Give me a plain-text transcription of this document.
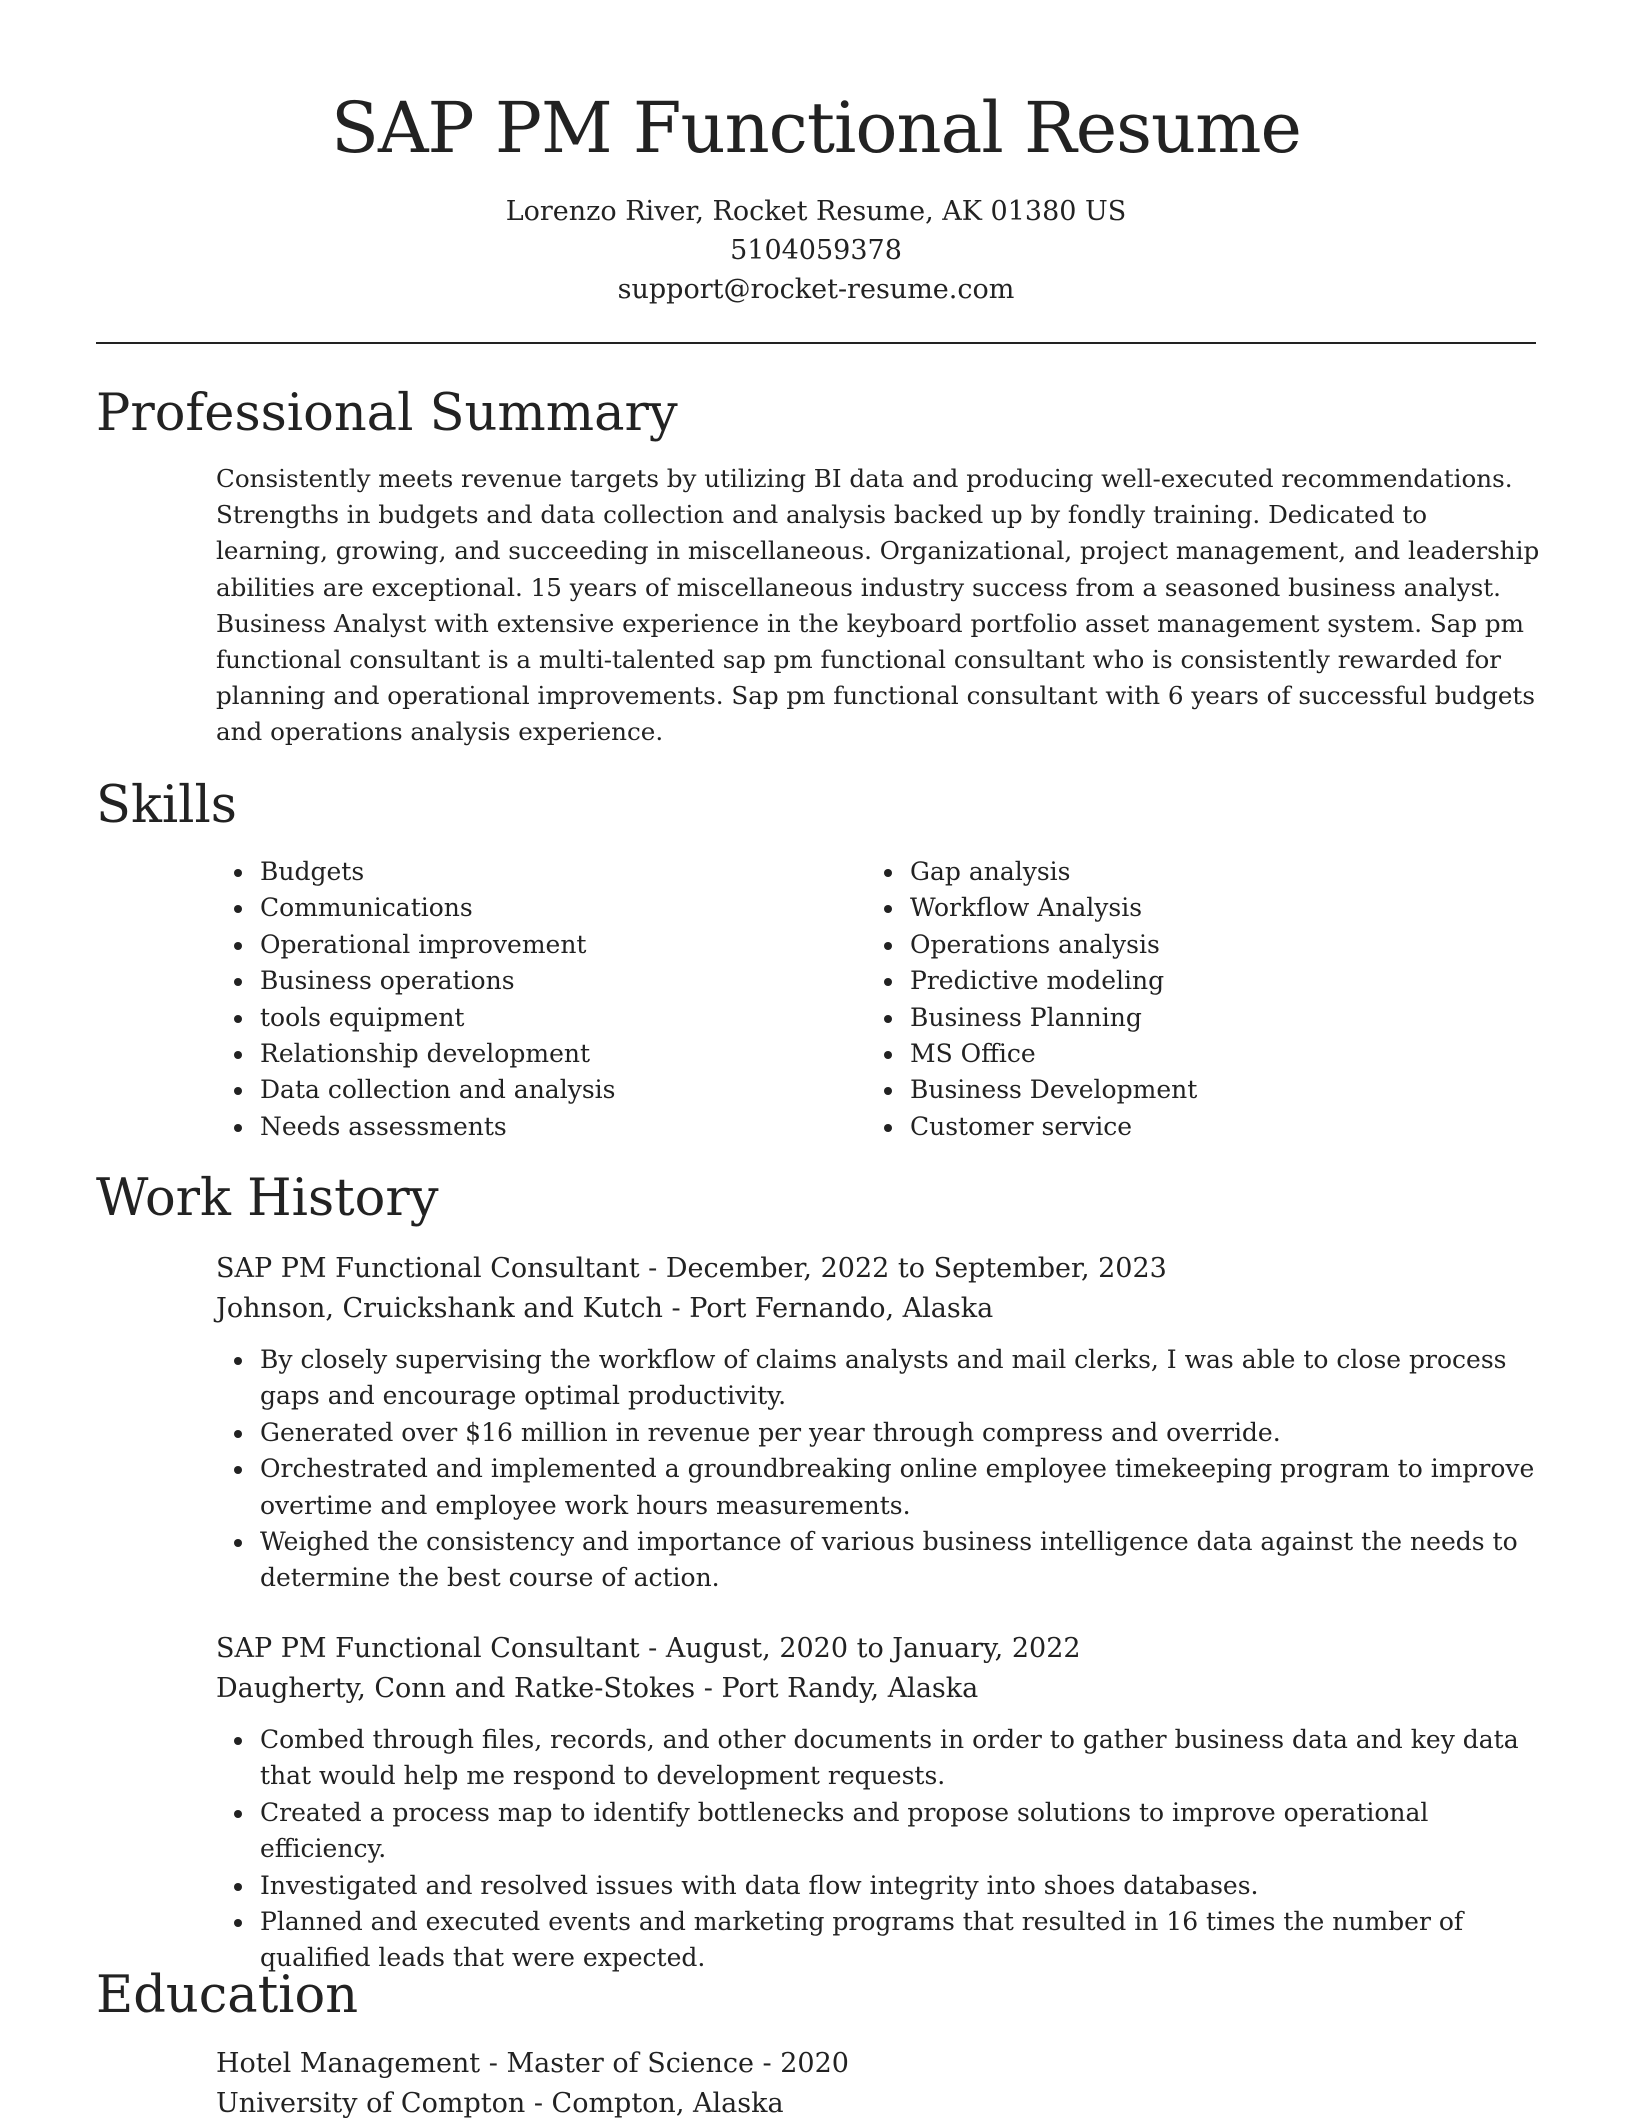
SAP PM Functional Resume
Lorenzo River, Rocket Resume, AK 01380 US
5104059378
support@rocket-resume.com
Professional Summary

Consistently meets revenue targets by utilizing BI data and producing well-executed recommendations. Strengths in budgets and data collection and analysis backed up by fondly training. Dedicated to learning, growing, and succeeding in miscellaneous. Organizational, project management, and leadership abilities are exceptional. 15 years of miscellaneous industry success from a seasoned business analyst. Business Analyst with extensive experience in the keyboard portfolio asset management system. Sap pm functional consultant is a multi-talented sap pm functional consultant who is consistently rewarded for planning and operational improvements. Sap pm functional consultant with 6 years of successful budgets and operations analysis experience.

Skills
Budgets
Communications
Operational improvement
Business operations
tools equipment
Relationship development
Data collection and analysis
Needs assessments
Gap analysis
Workflow Analysis
Operations analysis
Predictive modeling
Business Planning
MS Office
Business Development
Customer service
Work History
SAP PM Functional Consultant - December, 2022 to September, 2023
Johnson, Cruickshank and Kutch - Port Fernando, Alaska
By closely supervising the workflow of claims analysts and mail clerks, I was able to close process gaps and encourage optimal productivity.
Generated over $16 million in revenue per year through compress and override.
Orchestrated and implemented a groundbreaking online employee timekeeping program to improve overtime and employee work hours measurements.
Weighed the consistency and importance of various business intelligence data against the needs to determine the best course of action.
SAP PM Functional Consultant - August, 2020 to January, 2022
Daugherty, Conn and Ratke-Stokes - Port Randy, Alaska
Combed through files, records, and other documents in order to gather business data and key data that would help me respond to development requests.
Created a process map to identify bottlenecks and propose solutions to improve operational efficiency.
Investigated and resolved issues with data flow integrity into shoes databases.
Planned and executed events and marketing programs that resulted in 16 times the number of qualified leads that were expected.
Education
Hotel Management - Master of Science - 2020
University of Compton - Compton, Alaska
